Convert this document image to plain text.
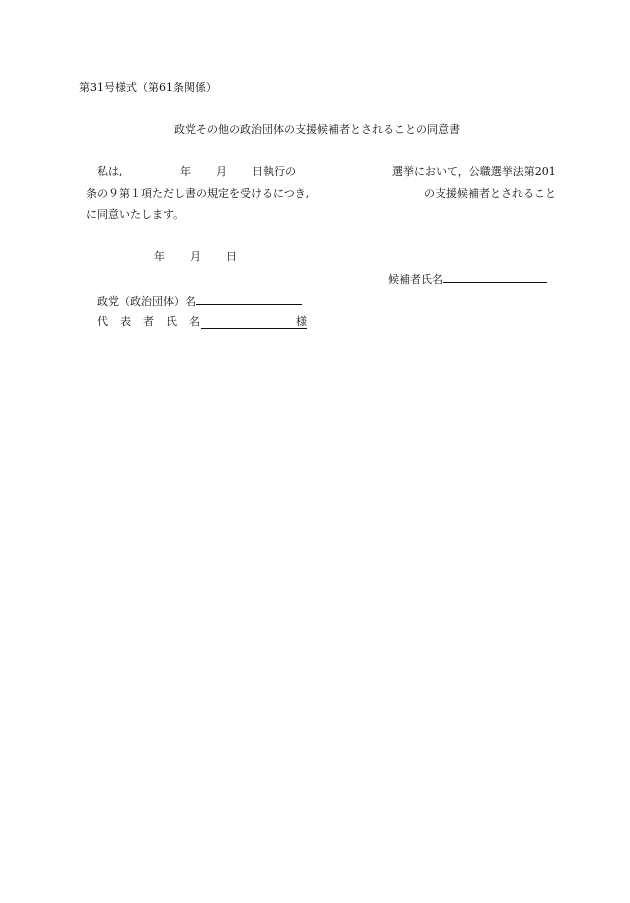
第31号様式（第61条関係）
政党その他の政治団体の支援候補者とされることの同意書
私は,	年 月 日執行の	選挙において，公職選挙法第201
条の９第１項ただし書の規定を受けるにつき,	の支援候補者とされること
に同意いたします。
年 月 日
候補者氏名
政党（政治団体）名
代 表 者 氏 名	様
